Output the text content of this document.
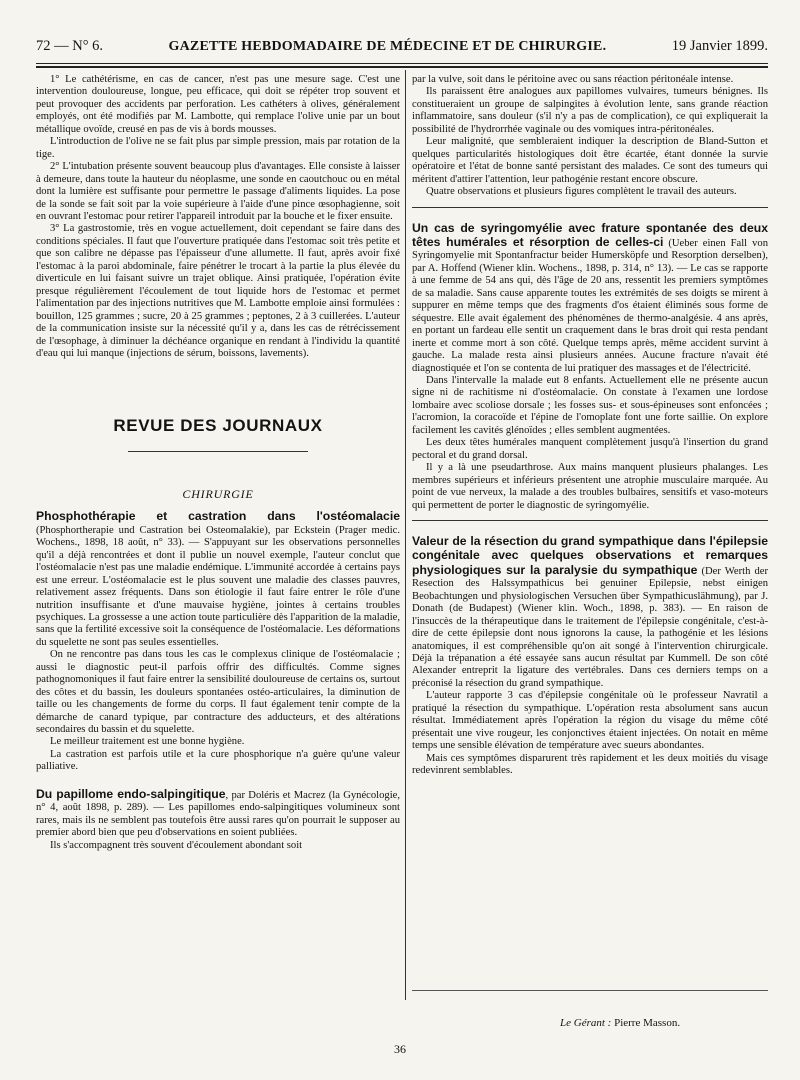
72 — N° 6.	GAZETTE HEBDOMADAIRE DE MÉDECINE ET DE CHIRURGIE.	19 Janvier 1899.

1° Le cathétérisme, en cas de cancer, n'est pas une mesure sage. C'est une intervention douloureuse, longue, peu efficace, qui doit se répéter trop souvent et peut provoquer des accidents par perforation. Les cathéters à olives, généralement employés, ont été modifiés par M. Lambotte, qui remplace l'olive unie par un bout métallique ovoïde, creusé en pas de vis à bords mousses.

L'introduction de l'olive ne se fait plus par simple pression, mais par rotation de la tige.

2° L'intubation présente souvent beaucoup plus d'avantages. Elle consiste à laisser à demeure, dans toute la hauteur du néoplasme, une sonde en caoutchouc ou en métal dont la lumière est suffisante pour permettre le passage d'aliments liquides. La pose de la sonde se fait soit par la voie supérieure à l'aide d'une pince œsophagienne, soit en ouvrant l'estomac pour retirer l'appareil introduit par la bouche et le fixer ensuite.

3° La gastrostomie, très en vogue actuellement, doit cependant se faire dans des conditions spéciales. Il faut que l'ouverture pratiquée dans l'estomac soit très petite et que son calibre ne dépasse pas l'épaisseur d'une allumette. Il faut, après avoir fixé l'estomac à la paroi abdominale, faire pénétrer le trocart à la partie la plus élevée du diverticule en lui faisant suivre un trajet oblique. Ainsi pratiquée, l'opération évite presque régulièrement l'écoulement de tout liquide hors de l'estomac et permet l'alimentation par des injections nutritives que M. Lambotte emploie ainsi formulées : bouillon, 125 grammes ; sucre, 20 à 25 grammes ; peptones, 2 à 3 cuillerées. L'auteur de la communication insiste sur la nécessité qu'il y a, dans les cas de rétrécissement de l'œsophage, à diminuer la déchéance organique en rendant à l'individu la quantité d'eau qui lui manque (injections de sérum, boissons, lavements).

REVUE DES JOURNAUX
CHIRURGIE

Phosphothérapie et castration dans l'ostéomalacie (Phosphortherapie und Castration bei Osteomalakie), par Eckstein (Prager medic. Wochens., 1898, 18 août, n° 33). — S'appuyant sur les observations personnelles qu'il a déjà rencontrées et dont il publie un nouvel exemple, l'auteur conclut que l'ostéomalacie n'est pas une maladie endémique. L'immunité accordée à certains pays est une erreur. L'ostéomalacie est le plus souvent une maladie des classes pauvres, relativement assez fréquents. Dans son étiologie il faut faire entrer le rôle d'une nutrition insuffisante et d'une mauvaise hygiène, jointes à certains troubles psychiques. La grossesse a une action toute particulière dès l'apparition de la maladie, sans que la fertilité excessive soit la conséquence de l'ostéomalacie. Les déformations du squelette ne sont pas seules essentielles.

On ne rencontre pas dans tous les cas le complexus clinique de l'ostéomalacie ; aussi le diagnostic peut-il parfois offrir des difficultés. Comme signes pathognomoniques il faut faire entrer la sensibilité douloureuse de certains os, surtout des côtes et du bassin, les douleurs spontanées ostéo-articulaires, la diminution de taille ou les changements de forme du corps. Il faut également tenir compte de la démarche de canard typique, par contracture des adducteurs, et des altérations secondaires du bassin et du squelette.

Le meilleur traitement est une bonne hygiène.

La castration est parfois utile et la cure phosphorique n'a guère qu'une valeur palliative.

Du papillome endo-salpingitique, par Doléris et Macrez (la Gynécologie, n° 4, août 1898, p. 289). — Les papillomes endo-salpingitiques volumineux sont rares, mais ils ne semblent pas toutefois être aussi rares qu'on pourrait le supposer au premier abord bien que peu d'observations en soient publiées.

Ils s'accompagnent très souvent d'écoulement abondant soit

par la vulve, soit dans le péritoine avec ou sans réaction péritonéale intense.

Ils paraissent être analogues aux papillomes vulvaires, tumeurs bénignes. Ils constitueraient un groupe de salpingites à évolution lente, sans grande réaction inflammatoire, sans douleur (s'il n'y a pas de complication), ce qui expliquerait la possibilité de l'hydrorrhée vaginale ou des vomiques intra-péritonéales.

Leur malignité, que sembleraient indiquer la description de Bland-Sutton et quelques particularités histologiques doit être écartée, étant donnée la survie opératoire et l'état de bonne santé persistant des malades. Ce sont des tumeurs qui méritent d'attirer l'attention, leur pathogénie restant encore obscure.

Quatre observations et plusieurs figures complètent le travail des auteurs.

Un cas de syringomyélie avec frature spontanée des deux têtes humérales et résorption de celles-ci (Ueber einen Fall von Syringomyelie mit Spontanfractur beider Humersköpfe und Resorption derselben), par A. Hoffend (Wiener klin. Wochens., 1898, p. 314, n° 13). — Le cas se rapporte à une femme de 54 ans qui, dès l'âge de 20 ans, ressentit les premiers symptômes de sa maladie. Sans cause apparente toutes les extrémités de ses doigts se mirent à suppurer en même temps que des fragments d'os étaient éliminés sous forme de séquestre. Elle avait également des phénomènes de thermo-analgésie. 4 ans après, en portant un fardeau elle sentit un craquement dans le bras droit qui resta pendant inerte et comme mort à son côté. Quelque temps après, même accident survint à gauche. La malade resta ainsi plusieurs années. Aucune fracture n'avait été diagnostiquée et l'on se contenta de lui pratiquer des massages et de l'électricité.

Dans l'intervalle la malade eut 8 enfants. Actuellement elle ne présente aucun signe ni de rachitisme ni d'ostéomalacie. On constate à l'examen une lordose lombaire avec scoliose dorsale ; les fosses sus- et sous-épineuses sont enfoncées ; l'acromion, la coracoïde et l'épine de l'omoplate font une forte saillie. On explore facilement les cavités glénoïdes ; elles semblent augmentées.

Les deux têtes humérales manquent complètement jusqu'à l'insertion du grand pectoral et du grand dorsal.

Il y a là une pseudarthrose. Aux mains manquent plusieurs phalanges. Les membres supérieurs et inférieurs présentent une atrophie musculaire marquée. Au point de vue nerveux, la malade a des troubles bulbaires, sensitifs et vaso-moteurs qui permettent de porter le diagnostic de syringomyélie.

Valeur de la résection du grand sympathique dans l'épilepsie congénitale avec quelques observations et remarques physiologiques sur la paralysie du sympathique (Der Werth der Resection des Halssympathicus bei genuiner Epilepsie, nebst einigen Beobachtungen und physiologischen Versuchen über Sympathicuslähmung), par J. Donath (de Budapest) (Wiener klin. Woch., 1898, p. 383). — En raison de l'insuccès de la thérapeutique dans le traitement de l'épilepsie congénitale, c'est-à-dire de cette épilepsie dont nous ignorons la cause, la pathogénie et les lésions anatomiques, il est compréhensible qu'on ait songé à l'intervention chirurgicale. Déjà la trépanation a été essayée sans aucun résultat par Kummell. De son côté Alexander entreprit la ligature des vertébrales. Dans ces derniers temps on a préconisé la résection du grand sympathique.

L'auteur rapporte 3 cas d'épilepsie congénitale où le professeur Navratil a pratiqué la résection du sympathique. L'opération resta absolument sans aucun résultat. Immédiatement après l'opération la région du visage du même côté présentait une vive rougeur, les conjonctives étaient injectées. On notait en même temps une sensible élévation de température avec sueurs abondantes.

Mais ces symptômes disparurent très rapidement et les deux moitiés du visage redevinrent semblables.

Le Gérant : Pierre Masson.
36
